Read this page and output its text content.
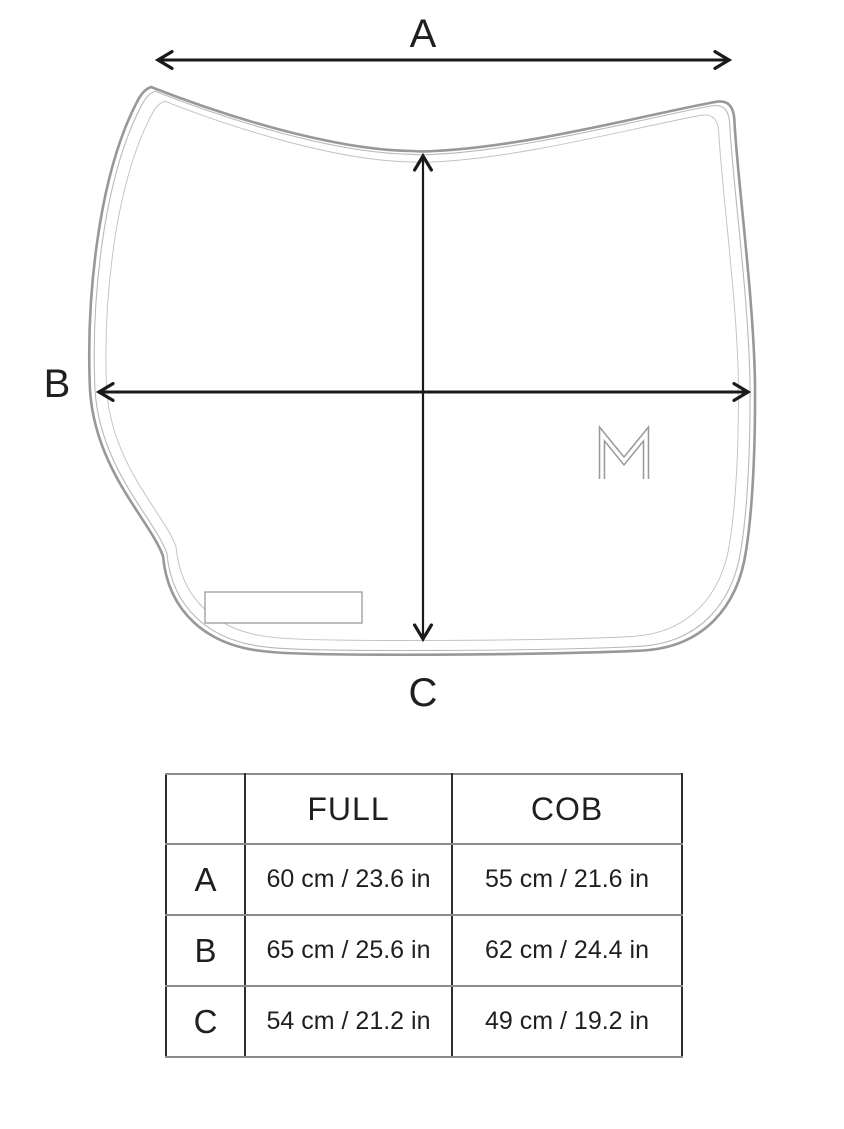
A
B
C
	FULL	COB
A	60 cm / 23.6 in	55 cm / 21.6 in
B	65 cm / 25.6 in	62 cm / 24.4 in
C	54 cm / 21.2 in	49 cm / 19.2 in
